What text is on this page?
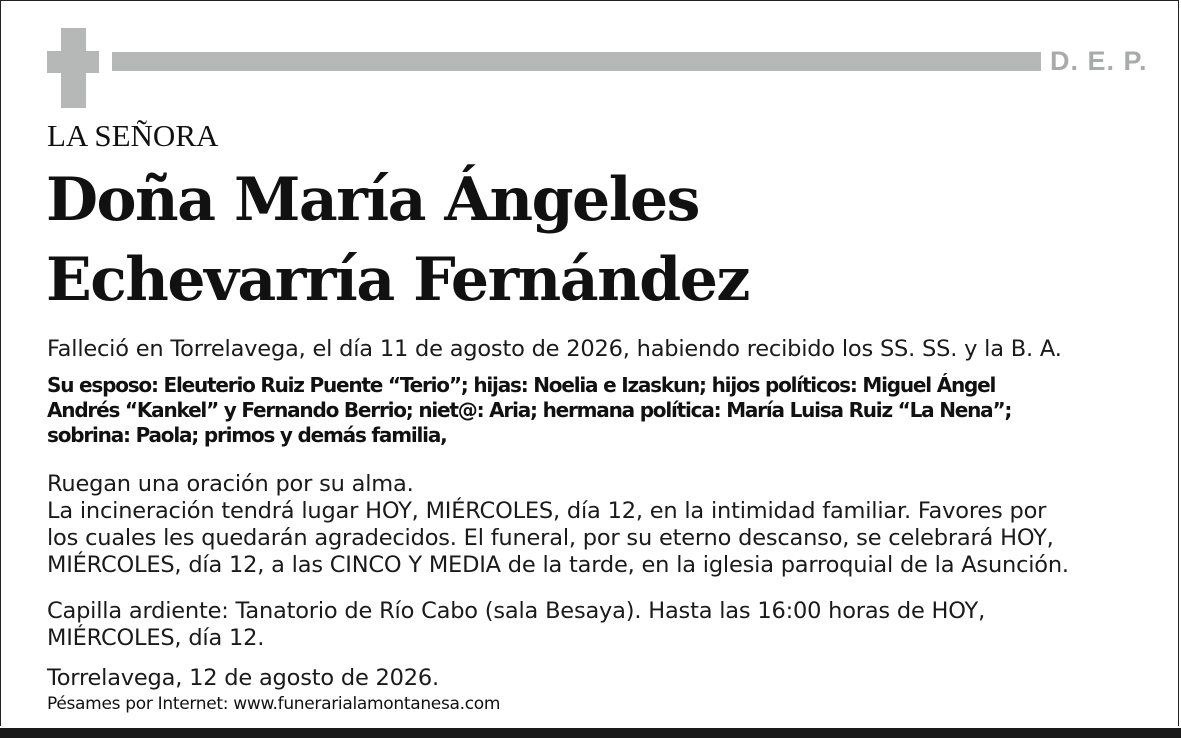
D. E. P.
LA SEÑORA
Doña María Ángeles
Echevarría Fernández
Falleció en Torrelavega, el día 11 de agosto de 2026, habiendo recibido los SS. SS. y la B. A.
Su esposo: Eleuterio Ruiz Puente “Terio”; hijas: Noelia e Izaskun; hijos políticos: Miguel Ángel
Andrés “Kankel” y Fernando Berrio; niet@: Aria; hermana política: María Luisa Ruiz “La Nena”;
sobrina: Paola; primos y demás familia,
Ruegan una oración por su alma.
La incineración tendrá lugar HOY, MIÉRCOLES, día 12, en la intimidad familiar. Favores por
los cuales les quedarán agradecidos. El funeral, por su eterno descanso, se celebrará HOY,
MIÉRCOLES, día 12, a las CINCO Y MEDIA de la tarde, en la iglesia parroquial de la Asunción.
Capilla ardiente: Tanatorio de Río Cabo (sala Besaya). Hasta las 16:00 horas de HOY,
MIÉRCOLES, día 12.
Torrelavega, 12 de agosto de 2026.
Pésames por Internet: www.funerarialamontanesa.com
